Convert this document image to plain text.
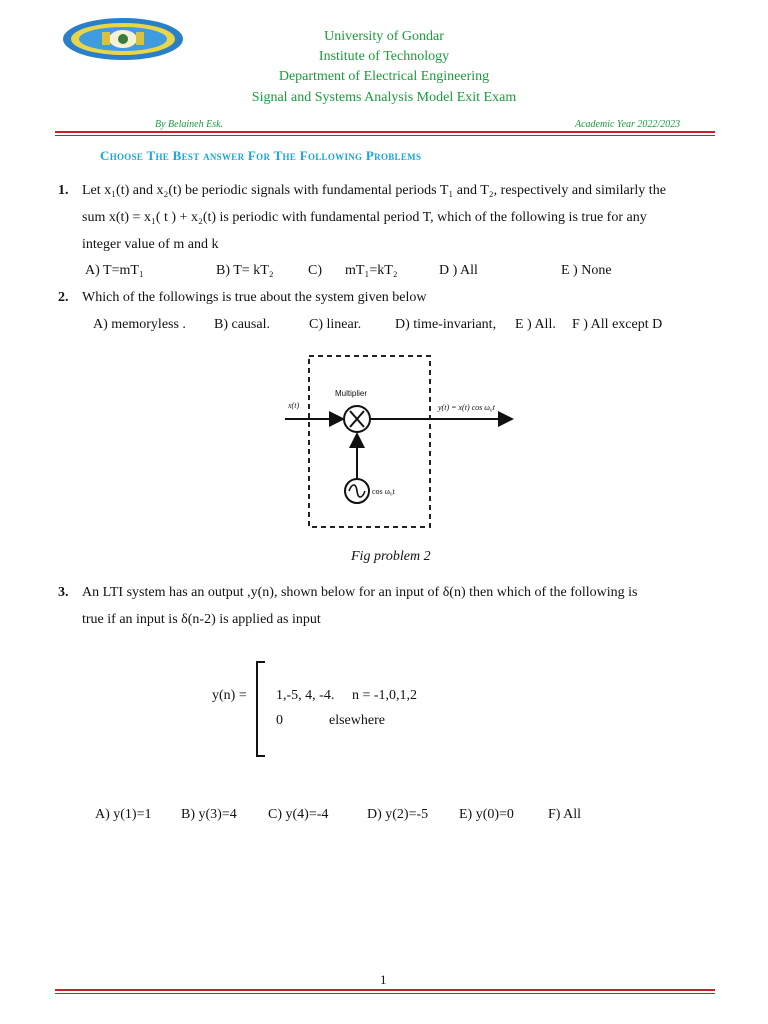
University of Gondar
Institute of Technology
Department of Electrical Engineering
Signal and Systems Analysis Model Exit Exam
By Belaineh Esk.	Academic Year 2022/2023
Choose The Best answer For The Following Problems
1. Let x₁(t) and x₂(t) be periodic signals with fundamental periods T₁ and T₂, respectively and similarly the
sum x(t) = x₁( t ) + x₂(t) is periodic with fundamental period T, which of the following is true for any
integer value of m and k
A) T=mT₁	B) T= kT₂ C) mT₁=kT₂	D ) All	E ) None
2. Which of the followings is true about the system given below
A) memoryless . B) causal.	C) linear. D) time-invariant, E ) All. F ) All except D
Multiplier
x(t)	y(t) = x(t) cos ω₀t
cos ω₀t
Fig problem 2
3. An LTI system has an output ,y(n), shown below for an input of δ(n) then which of the following is
true if an input is δ(n-2) is applied as input
y(n) = 1,-5, 4, -4. n = -1,0,1,2
0	elsewhere
A) y(1)=1 B) y(3)=4 C) y(4)=-4	D) y(2)=-5 E) y(0)=0 F) All
1
